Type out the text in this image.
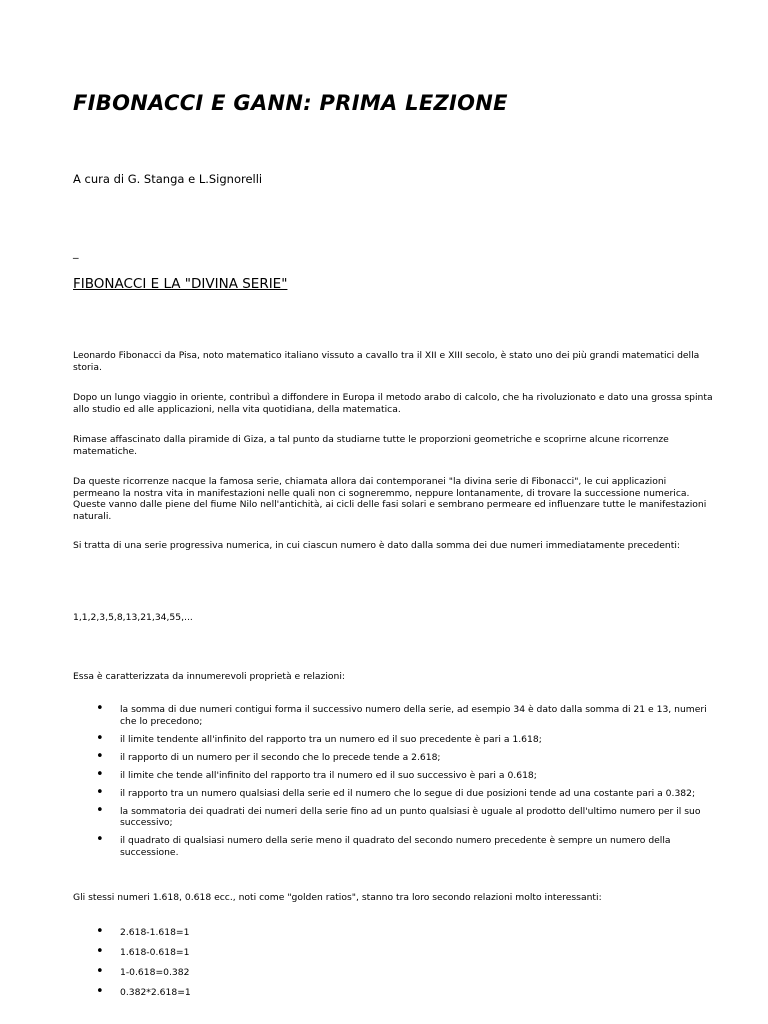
FIBONACCI E GANN: PRIMA LEZIONE
A cura di G. Stanga e L.Signorelli
_
FIBONACCI E LA "DIVINA SERIE"

Leonardo Fibonacci da Pisa, noto matematico italiano vissuto a cavallo tra il XII e XIII secolo, è stato uno dei più grandi matematici della storia.

Dopo un lungo viaggio in oriente, contribuì a diffondere in Europa il metodo arabo di calcolo, che ha rivoluzionato e dato una grossa spinta allo studio ed alle applicazioni, nella vita quotidiana, della matematica.

Rimase affascinato dalla piramide di Giza, a tal punto da studiarne tutte le proporzioni geometriche e scoprirne alcune ricorrenze matematiche.

Da queste ricorrenze nacque la famosa serie, chiamata allora dai contemporanei "la divina serie di Fibonacci", le cui applicazioni permeano la nostra vita in manifestazioni nelle quali non ci sogneremmo, neppure lontanamente, di trovare la successione numerica. Queste vanno dalle piene del fiume Nilo nell'antichità, ai cicli delle fasi solari e sembrano permeare ed influenzare tutte le manifestazioni naturali.

Si tratta di una serie progressiva numerica, in cui ciascun numero è dato dalla somma dei due numeri immediatamente precedenti:

1,1,2,3,5,8,13,21,34,55,...

Essa è caratterizzata da innumerevoli proprietà e relazioni:

• la somma di due numeri contigui forma il successivo numero della serie, ad esempio 34 è dato dalla somma di 21 e 13, numeri che lo precedono;
• il limite tendente all'infinito del rapporto tra un numero ed il suo precedente è pari a 1.618;
• il rapporto di un numero per il secondo che lo precede tende a 2.618;
• il limite che tende all'infinito del rapporto tra il numero ed il suo successivo è pari a 0.618;
• il rapporto tra un numero qualsiasi della serie ed il numero che lo segue di due posizioni tende ad una costante pari a 0.382;
• la sommatoria dei quadrati dei numeri della serie fino ad un punto qualsiasi è uguale al prodotto dell'ultimo numero per il suo successivo;
• il quadrato di qualsiasi numero della serie meno il quadrato del secondo numero precedente è sempre un numero della successione.

Gli stessi numeri 1.618, 0.618 ecc., noti come "golden ratios", stanno tra loro secondo relazioni molto interessanti:

• 2.618-1.618=1
• 1.618-0.618=1
• 1-0.618=0.382
• 0.382*2.618=1
